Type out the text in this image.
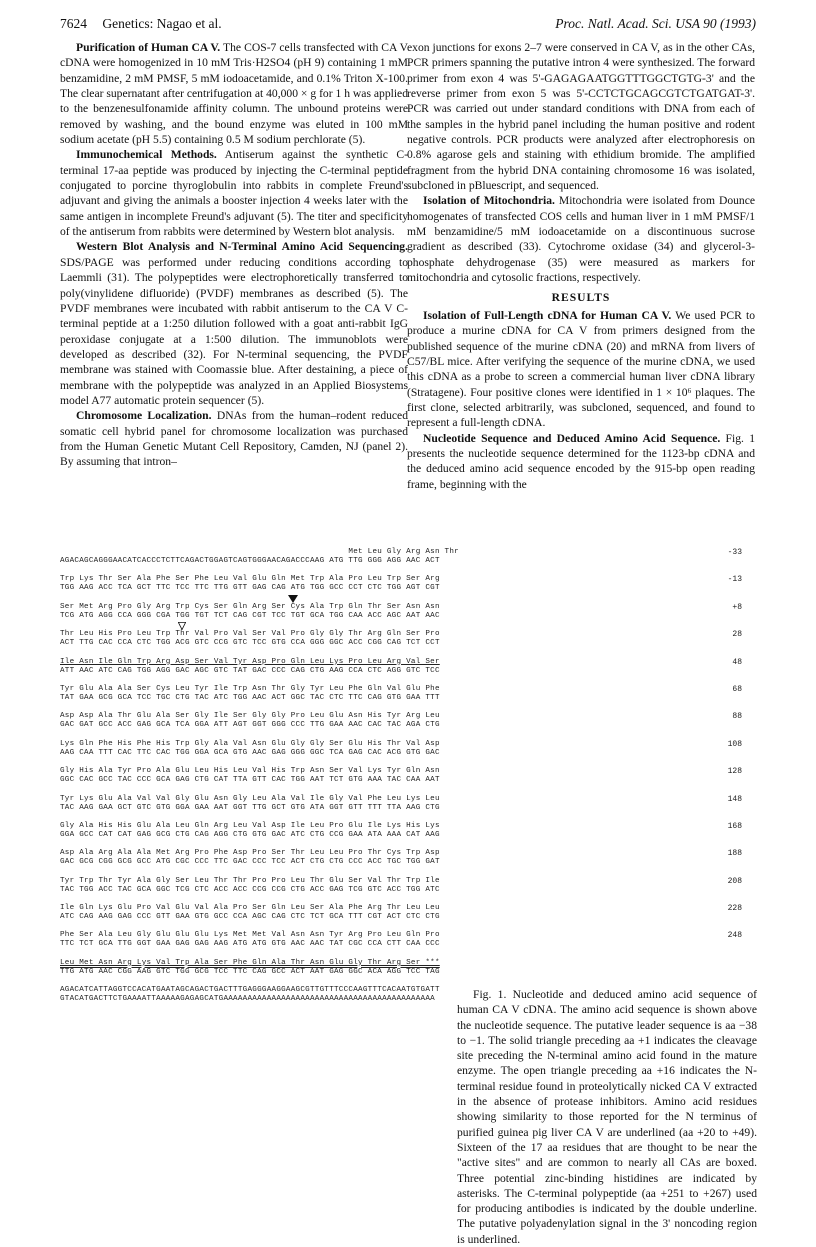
7624 Genetics: Nagao et al.	Proc. Natl. Acad. Sci. USA 90 (1993)

Purification of Human CA V. The COS-7 cells transfected with CA V cDNA were homogenized in 10 mM Tris·H2SO4 (pH 9) containing 1 mM benzamidine, 2 mM PMSF, 5 mM iodoacetamide, and 0.1% Triton X-100. The clear supernatant after centrifugation at 40,000 × g for 1 h was applied to the benzenesulfonamide affinity column. The unbound proteins were removed by washing, and the bound enzyme was eluted in 100 mM sodium acetate (pH 5.5) containing 0.5 M sodium perchlorate (5).

Immunochemical Methods. Antiserum against the synthetic C-terminal 17-aa peptide was produced by injecting the C-terminal peptide conjugated to porcine thyroglobulin into rabbits in complete Freund's adjuvant and giving the animals a booster injection 4 weeks later with the same antigen in incomplete Freund's adjuvant (5). The titer and specificity of the antiserum from rabbits were determined by Western blot analysis.

Western Blot Analysis and N-Terminal Amino Acid Sequencing. SDS/PAGE was performed under reducing conditions according to Laemmli (31). The polypeptides were electrophoretically transferred to poly(vinylidene difluoride) (PVDF) membranes as described (5). The PVDF membranes were incubated with rabbit antiserum to the CA V C-terminal peptide at a 1:250 dilution followed with a goat anti-rabbit IgG peroxidase conjugate at a 1:500 dilution. The immunoblots were developed as described (32). For N-terminal sequencing, the PVDF membrane was stained with Coomassie blue. After destaining, a piece of membrane with the polypeptide was analyzed in an Applied Biosystems model A77 automatic protein sequencer (5).

Chromosome Localization. DNAs from the human–rodent reduced somatic cell hybrid panel for chromosome localization was purchased from the Human Genetic Mutant Cell Repository, Camden, NJ (panel 2). By assuming that intron–

exon junctions for exons 2–7 were conserved in CA V, as in the other CAs, PCR primers spanning the putative intron 4 were synthesized. The forward primer from exon 4 was 5'-GAGAGAATGGTTTGGCTGTG-3' and the reverse primer from exon 5 was 5'-CCTCTGCAGCGTCTGATGAT-3'. PCR was carried out under standard conditions with DNA from each of the samples in the hybrid panel including the human positive and rodent negative controls. PCR products were analyzed after electrophoresis on 0.8% agarose gels and staining with ethidium bromide. The amplified fragment from the hybrid DNA containing chromosome 16 was isolated, subcloned in pBluescript, and sequenced.

Isolation of Mitochondria. Mitochondria were isolated from Dounce homogenates of transfected COS cells and human liver in 1 mM PMSF/1 mM benzamidine/5 mM iodoacetamide on a discontinuous sucrose gradient as described (33). Cytochrome oxidase (34) and glycerol-3-phosphate dehydrogenase (35) were measured as markers for mitochondria and cytosolic fractions, respectively.

RESULTS

Isolation of Full-Length cDNA for Human CA V. We used PCR to produce a murine cDNA for CA V from primers designed from the published sequence of the murine cDNA (20) and mRNA from livers of C57/BL mice. After verifying the sequence of the murine cDNA, we used this cDNA as a probe to screen a commercial human liver cDNA library (Stratagene). Four positive clones were identified in 1 × 10⁶ plaques. The first clone, selected arbitrarily, was subcloned, sequenced, and found to represent a full-length cDNA.

Nucleotide Sequence and Deduced Amino Acid Sequence. Fig. 1 presents the nucleotide sequence determined for the 1123-bp cDNA and the deduced amino acid sequence encoded by the 915-bp open reading frame, beginning with the

Met Leu Gly Arg Asn Thr
AGACAGCAGGGAACATCACCCTCTTCAGACTGGAGTCAGTGGGAACAGACCCAAG ATG TTG GGG AGG AAC ACT
-33
Trp Lys Thr Ser Ala Phe Ser Phe Leu Val Glu Gln Met Trp Ala Pro Leu Trp Ser Arg
TGG AAG ACC TCA GCT TTC TCC TTC TTG GTT GAG CAG ATG TGG GCC CCT CTC TGG AGT CGT
-13
Ser Met Arg Pro Gly Arg Trp Cys Ser Gln Arg Ser Cys Ala Trp Gln Thr Ser Asn Asn
TCG ATG AGG CCA GGG CGA TGG TGT TCT CAG CGT TCC TGT GCA TGG CAA ACC AGC AAT AAC
+8
Thr Leu His Pro Leu Trp Thr Val Pro Val Ser Val Pro Gly Gly Thr Arg Gln Ser Pro
ACT TTG CAC CCA CTC TGG ACG GTC CCG GTC TCC GTG CCA GGG GGC ACC CGG CAG TCT CCT
28
Ile Asn Ile Gln Trp Arg Asp Ser Val Tyr Asp Pro Gln Leu Lys Pro Leu Arg Val Ser
ATT AAC ATC CAG TGG AGG GAC AGC GTC TAT GAC CCC CAG CTG AAG CCA CTC AGG GTC TCC
48
Tyr Glu Ala Ala Ser Cys Leu Tyr Ile Trp Asn Thr Gly Tyr Leu Phe Gln Val Glu Phe
TAT GAA GCG GCA TCC TGC CTG TAC ATC TGG AAC ACT GGC TAC CTC TTC CAG GTG GAA TTT
68
Asp Asp Ala Thr Glu Ala Ser Gly Ile Ser Gly Gly Pro Leu Glu Asn His Tyr Arg Leu
GAC GAT GCC ACC GAG GCA TCA GGA ATT AGT GGT GGG CCC TTG GAA AAC CAC TAC AGA CTG
88
Lys Gln Phe His Phe His Trp Gly Ala Val Asn Glu Gly Gly Ser Glu His Thr Val Asp
AAG CAA TTT CAC TTC CAC TGG GGA GCA GTG AAC GAG GGG GGC TCA GAG CAC ACG GTG GAC
108
Gly His Ala Tyr Pro Ala Glu Leu His Leu Val His Trp Asn Ser Val Lys Tyr Gln Asn
GGC CAC GCC TAC CCC GCA GAG CTG CAT TTA GTT CAC TGG AAT TCT GTG AAA TAC CAA AAT
128
Tyr Lys Glu Ala Val Val Gly Glu Asn Gly Leu Ala Val Ile Gly Val Phe Leu Lys Leu
TAC AAG GAA GCT GTC GTG GGA GAA AAT GGT TTG GCT GTG ATA GGT GTT TTT TTA AAG CTG
148
Gly Ala His His Glu Ala Leu Gln Arg Leu Val Asp Ile Leu Pro Glu Ile Lys His Lys
GGA GCC CAT CAT GAG GCG CTG CAG AGG CTG GTG GAC ATC CTG CCG GAA ATA AAA CAT AAG
168
Asp Ala Arg Ala Ala Met Arg Pro Phe Asp Pro Ser Thr Leu Leu Pro Thr Cys Trp Asp
GAC GCG CGG GCG GCC ATG CGC CCC TTC GAC CCC TCC ACT CTG CTG CCC ACC TGC TGG GAT
188
Tyr Trp Thr Tyr Ala Gly Ser Leu Thr Thr Pro Pro Leu Thr Glu Ser Val Thr Trp Ile
TAC TGG ACC TAC GCA GGC TCG CTC ACC ACC CCG CCG CTG ACC GAG TCG GTC ACC TGG ATC
208
Ile Gln Lys Glu Pro Val Glu Val Ala Pro Ser Gln Leu Ser Ala Phe Arg Thr Leu Leu
ATC CAG AAG GAG CCC GTT GAA GTG GCC CCA AGC CAG CTC TCT GCA TTT CGT ACT CTC CTG
228
Phe Ser Ala Leu Gly Glu Glu Glu Lys Met Met Val Asn Asn Tyr Arg Pro Leu Gln Pro
TTC TCT GCA TTG GGT GAA GAG GAG AAG ATG ATG GTG AAC AAC TAT CGC CCA CTT CAA CCC
248
Leu Met Asn Arg Lys Val Trp Ala Ser Phe Gln Ala Thr Asn Glu Gly Thr Arg Ser ***
TTG ATG AAC CGG AAG GTC TGG GCG TCC TTC CAG GCC ACT AAT GAG GGC ACA AGG TCC TAG
AGACATCATTAGGTCCACATGAATAGCAGACTGACTTTGAGGGAAGGAAGCGTTGTTTCCCAAGTTTCACAATGTGATT
GTACATGACTTCTGAAAATTAAAAAGAGAGCATGAAAAAAAAAAAAAAAAAAAAAAAAAAAAAAAAAAAAAAAAAAAA	Fig. 1. Nucleotide and deduced amino acid sequence of human CA V cDNA. The amino acid sequence is shown above the nucleotide sequence. The putative leader sequence is aa −38 to −1. The solid triangle preceding aa +1 indicates the cleavage site preceding the N-terminal amino acid found in the mature enzyme. The open triangle preceding aa +16 indicates the N-terminal residue found in proteolytically nicked CA V extracted in the absence of protease inhibitors. Amino acid residues showing similarity to those reported for the N terminus of purified guinea pig liver CA V are underlined (aa +20 to +49). Sixteen of the 17 aa residues that are thought to be near the "active sites" and are common to nearly all CAs are boxed. Three potential zinc-binding histidines are indicated by asterisks. The C-terminal polypeptide (aa +251 to +267) used for producing antibodies is indicated by the double underline. The putative polyadenylation signal in the 3' noncoding region is underlined.
